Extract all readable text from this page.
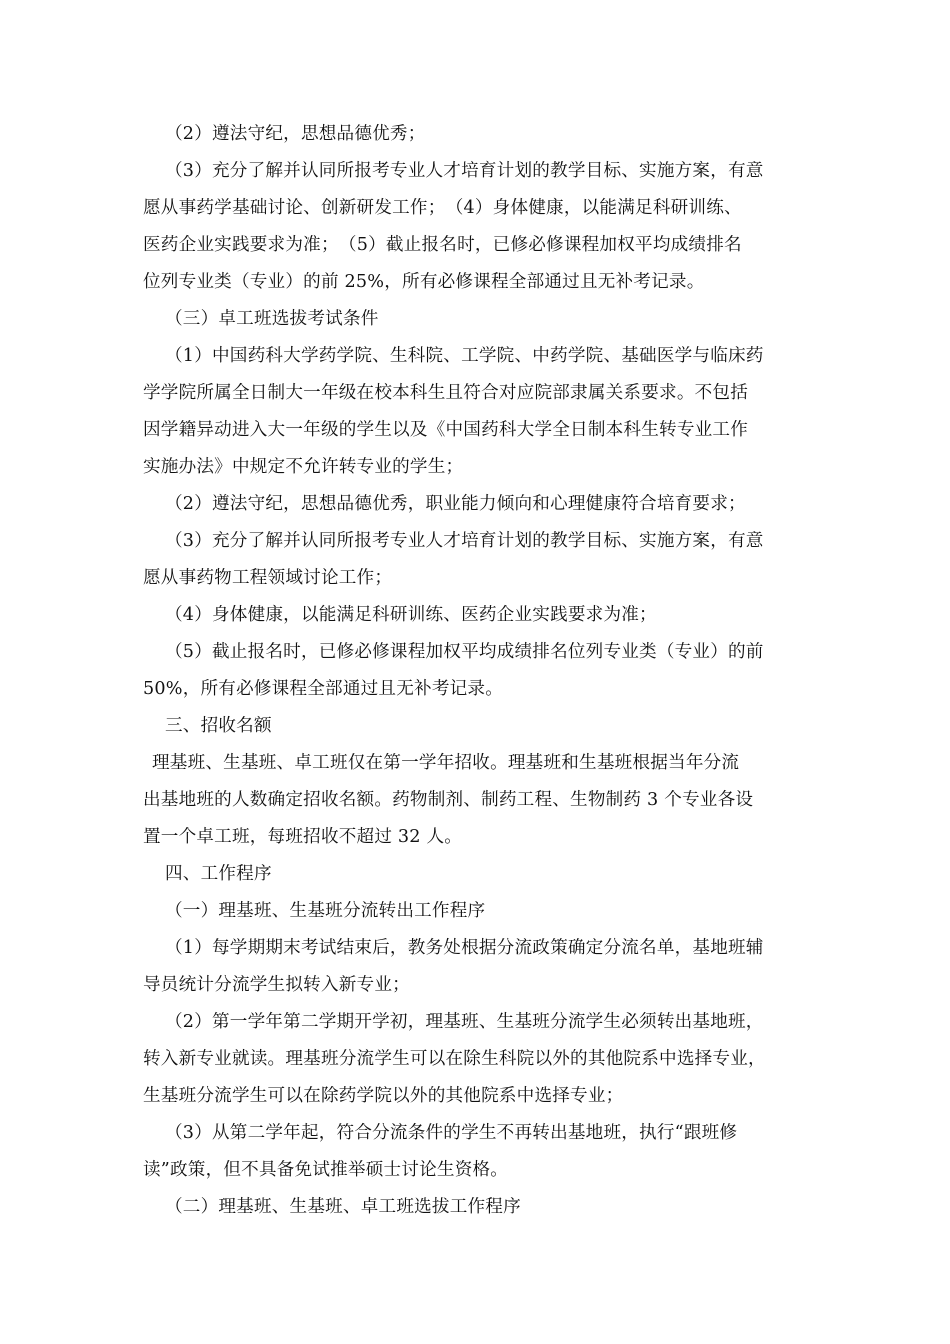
（2）遵法守纪，思想品德优秀；
（3）充分了解并认同所报考专业人才培育计划的教学目标、实施方案，有意
愿从事药学基础讨论、创新研发工作；　（4）身体健康，以能满足科研训练、
医药企业实践要求为准；　（5）截止报名时，已修必修课程加权平均成绩排名
位列专业类（专业）的前 25%，所有必修课程全部通过且无补考记录。
（三）卓工班选拔考试条件
（1）中国药科大学药学院、生科院、工学院、中药学院、基础医学与临床药
学学院所属全日制大一年级在校本科生且符合对应院部隶属关系要求。不包括
因学籍异动进入大一年级的学生以及《中国药科大学全日制本科生转专业工作
实施办法》中规定不允许转专业的学生；
（2）遵法守纪，思想品德优秀，职业能力倾向和心理健康符合培育要求；
（3）充分了解并认同所报考专业人才培育计划的教学目标、实施方案，有意
愿从事药物工程领域讨论工作；
（4）身体健康，以能满足科研训练、医药企业实践要求为准；
（5）截止报名时，已修必修课程加权平均成绩排名位列专业类（专业）的前
50%，所有必修课程全部通过且无补考记录。
三、招收名额
理基班、生基班、卓工班仅在第一学年招收。理基班和生基班根据当年分流
出基地班的人数确定招收名额。药物制剂、制药工程、生物制药 3 个专业各设
置一个卓工班，每班招收不超过 32 人。
四、工作程序
（一）理基班、生基班分流转出工作程序
（1）每学期期末考试结束后，教务处根据分流政策确定分流名单，基地班辅
导员统计分流学生拟转入新专业；
（2）第一学年第二学期开学初，理基班、生基班分流学生必须转出基地班，
转入新专业就读。理基班分流学生可以在除生科院以外的其他院系中选择专业，
生基班分流学生可以在除药学院以外的其他院系中选择专业；
（3）从第二学年起，符合分流条件的学生不再转出基地班，执行“跟班修
读”政策，但不具备免试推举硕士讨论生资格。
（二）理基班、生基班、卓工班选拔工作程序
